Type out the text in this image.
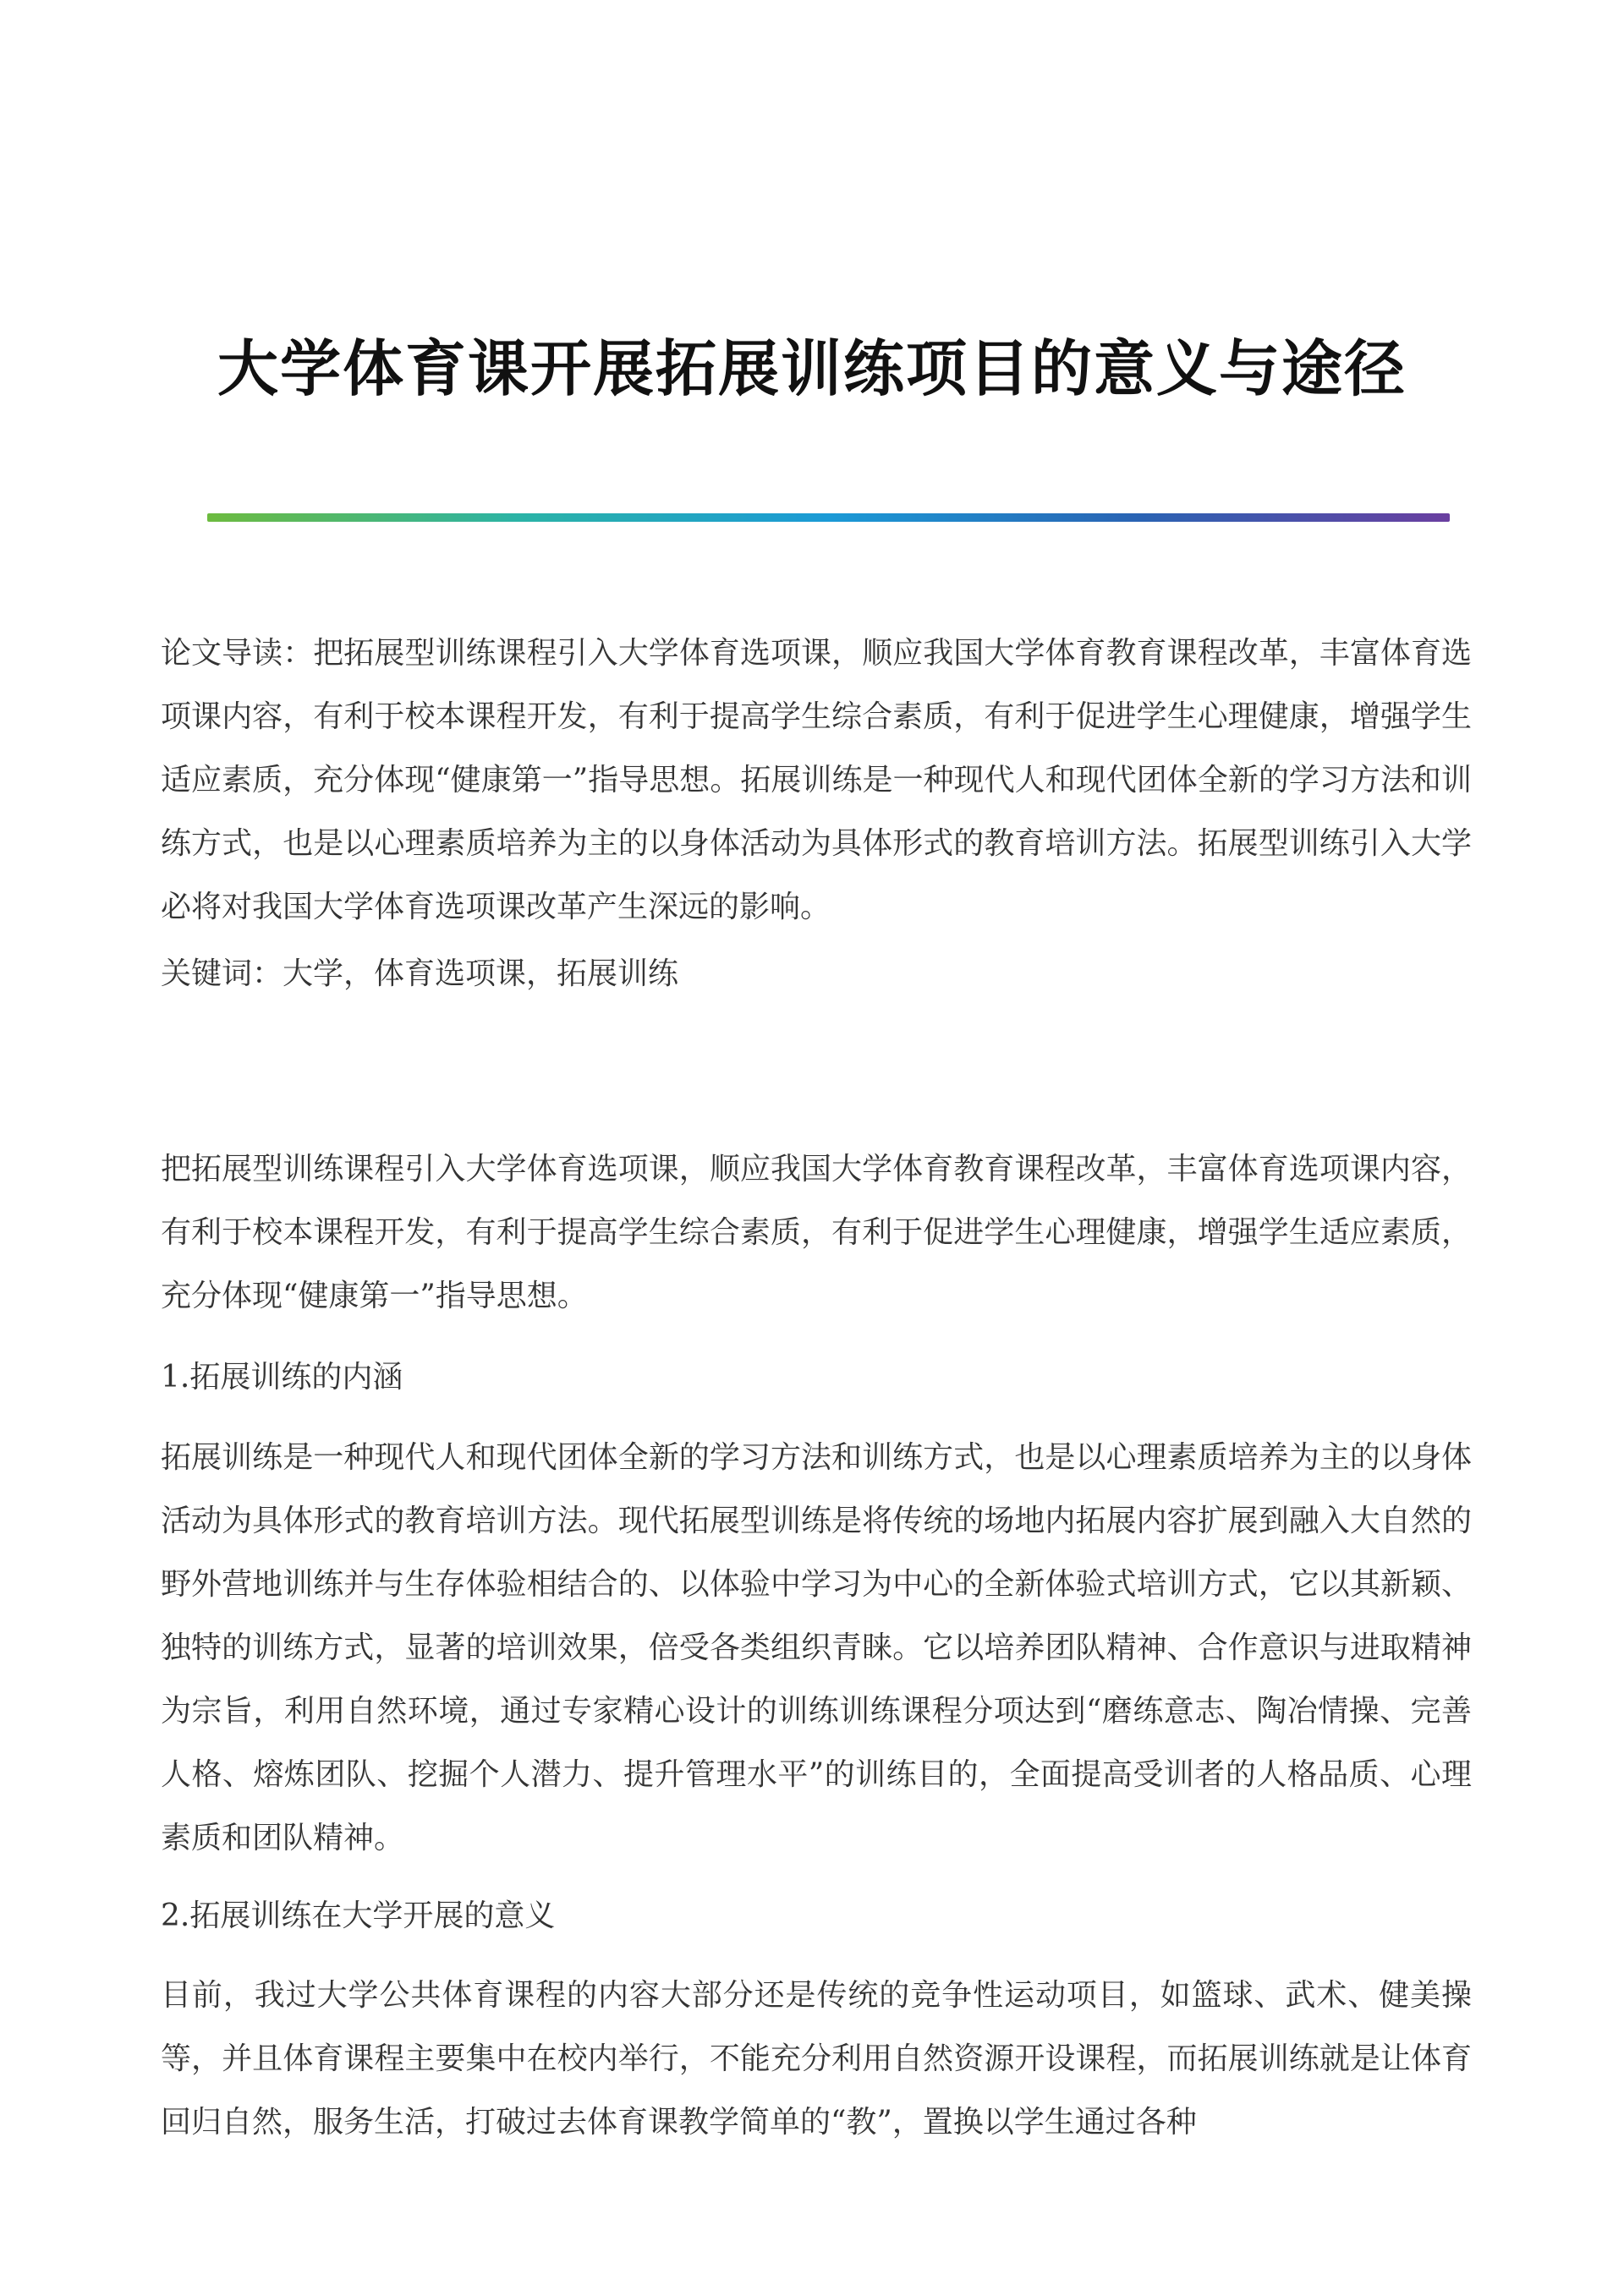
大学体育课开展拓展训练项目的意义与途径

论文导读：把拓展型训练课程引入大学体育选项课，顺应我国大学体育教育课程改革，丰富体育选项课内容，有利于校本课程开发，有利于提高学生综合素质，有利于促进学生心理健康，增强学生适应素质，充分体现“健康第一”指导思想。拓展训练是一种现代人和现代团体全新的学习方法和训练方式，也是以心理素质培养为主的以身体活动为具体形式的教育培训方法。拓展型训练引入大学必将对我国大学体育选项课改革产生深远的影响。

关键词：大学，体育选项课，拓展训练

把拓展型训练课程引入大学体育选项课，顺应我国大学体育教育课程改革，丰富体育选项课内容，有利于校本课程开发，有利于提高学生综合素质，有利于促进学生心理健康，增强学生适应素质，充分体现“健康第一”指导思想。

1.拓展训练的内涵

拓展训练是一种现代人和现代团体全新的学习方法和训练方式，也是以心理素质培养为主的以身体活动为具体形式的教育培训方法。现代拓展型训练是将传统的场地内拓展内容扩展到融入大自然的野外营地训练并与生存体验相结合的、以体验中学习为中心的全新体验式培训方式，它以其新颖、独特的训练方式，显著的培训效果，倍受各类组织青睐。它以培养团队精神、合作意识与进取精神为宗旨，利用自然环境，通过专家精心设计的训练训练课程分项达到“磨练意志、陶冶情操、完善人格、熔炼团队、挖掘个人潜力、提升管理水平”的训练目的，全面提高受训者的人格品质、心理素质和团队精神。

2.拓展训练在大学开展的意义

目前，我过大学公共体育课程的内容大部分还是传统的竞争性运动项目，如篮球、武术、健美操等，并且体育课程主要集中在校内举行，不能充分利用自然资源开设课程，而拓展训练就是让体育回归自然，服务生活，打破过去体育课教学简单的“教”，置换以学生通过各种
